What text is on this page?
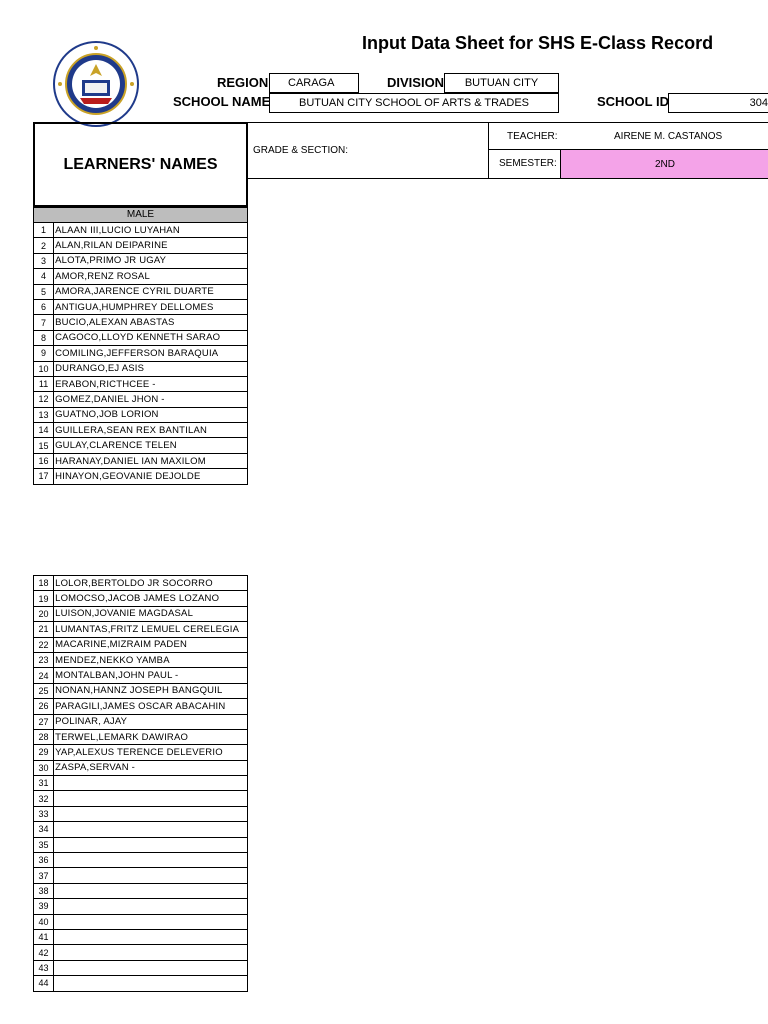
Input Data Sheet for SHS E-Class Record
REGION	CARAGA	DIVISION	BUTUAN CITY
SCHOOL NAME	BUTUAN CITY SCHOOL OF ARTS & TRADES	SCHOOL ID	304
LEARNERS' NAMES
GRADE & SECTION:
TEACHER:	AIRENE M. CASTANOS
SEMESTER:	2ND
MALE
1	ALAAN III,LUCIO LUYAHAN
2	ALAN,RILAN DEIPARINE
3	ALOTA,PRIMO JR UGAY
4	AMOR,RENZ ROSAL
5	AMORA,JARENCE CYRIL DUARTE
6	ANTIGUA,HUMPHREY DELLOMES
7	BUCIO,ALEXAN ABASTAS
8	CAGOCO,LLOYD KENNETH SARAO
9	COMILING,JEFFERSON BARAQUIA
10	DURANGO,EJ ASIS
11	ERABON,RICTHCEE -
12	GOMEZ,DANIEL JHON -
13	GUATNO,JOB LORION
14	GUILLERA,SEAN REX BANTILAN
15	GULAY,CLARENCE TELEN
16	HARANAY,DANIEL IAN MAXILOM
17	HINAYON,GEOVANIE DEJOLDE
18	LOLOR,BERTOLDO JR SOCORRO
19	LOMOCSO,JACOB JAMES LOZANO
20	LUISON,JOVANIE MAGDASAL
21	LUMANTAS,FRITZ LEMUEL CERELEGIA
22	MACARINE,MIZRAIM PADEN
23	MENDEZ,NEKKO YAMBA
24	MONTALBAN,JOHN PAUL -
25	NONAN,HANNZ JOSEPH BANGQUIL
26	PARAGILI,JAMES OSCAR ABACAHIN
27	POLINAR, AJAY
28	TERWEL,LEMARK DAWIRAO
29	YAP,ALEXUS TERENCE DELEVERIO
30	ZASPA,SERVAN -
31	
32	
33	
34	
35	
36	
37	
38	
39	
40	
41	
42	
43	
44	
